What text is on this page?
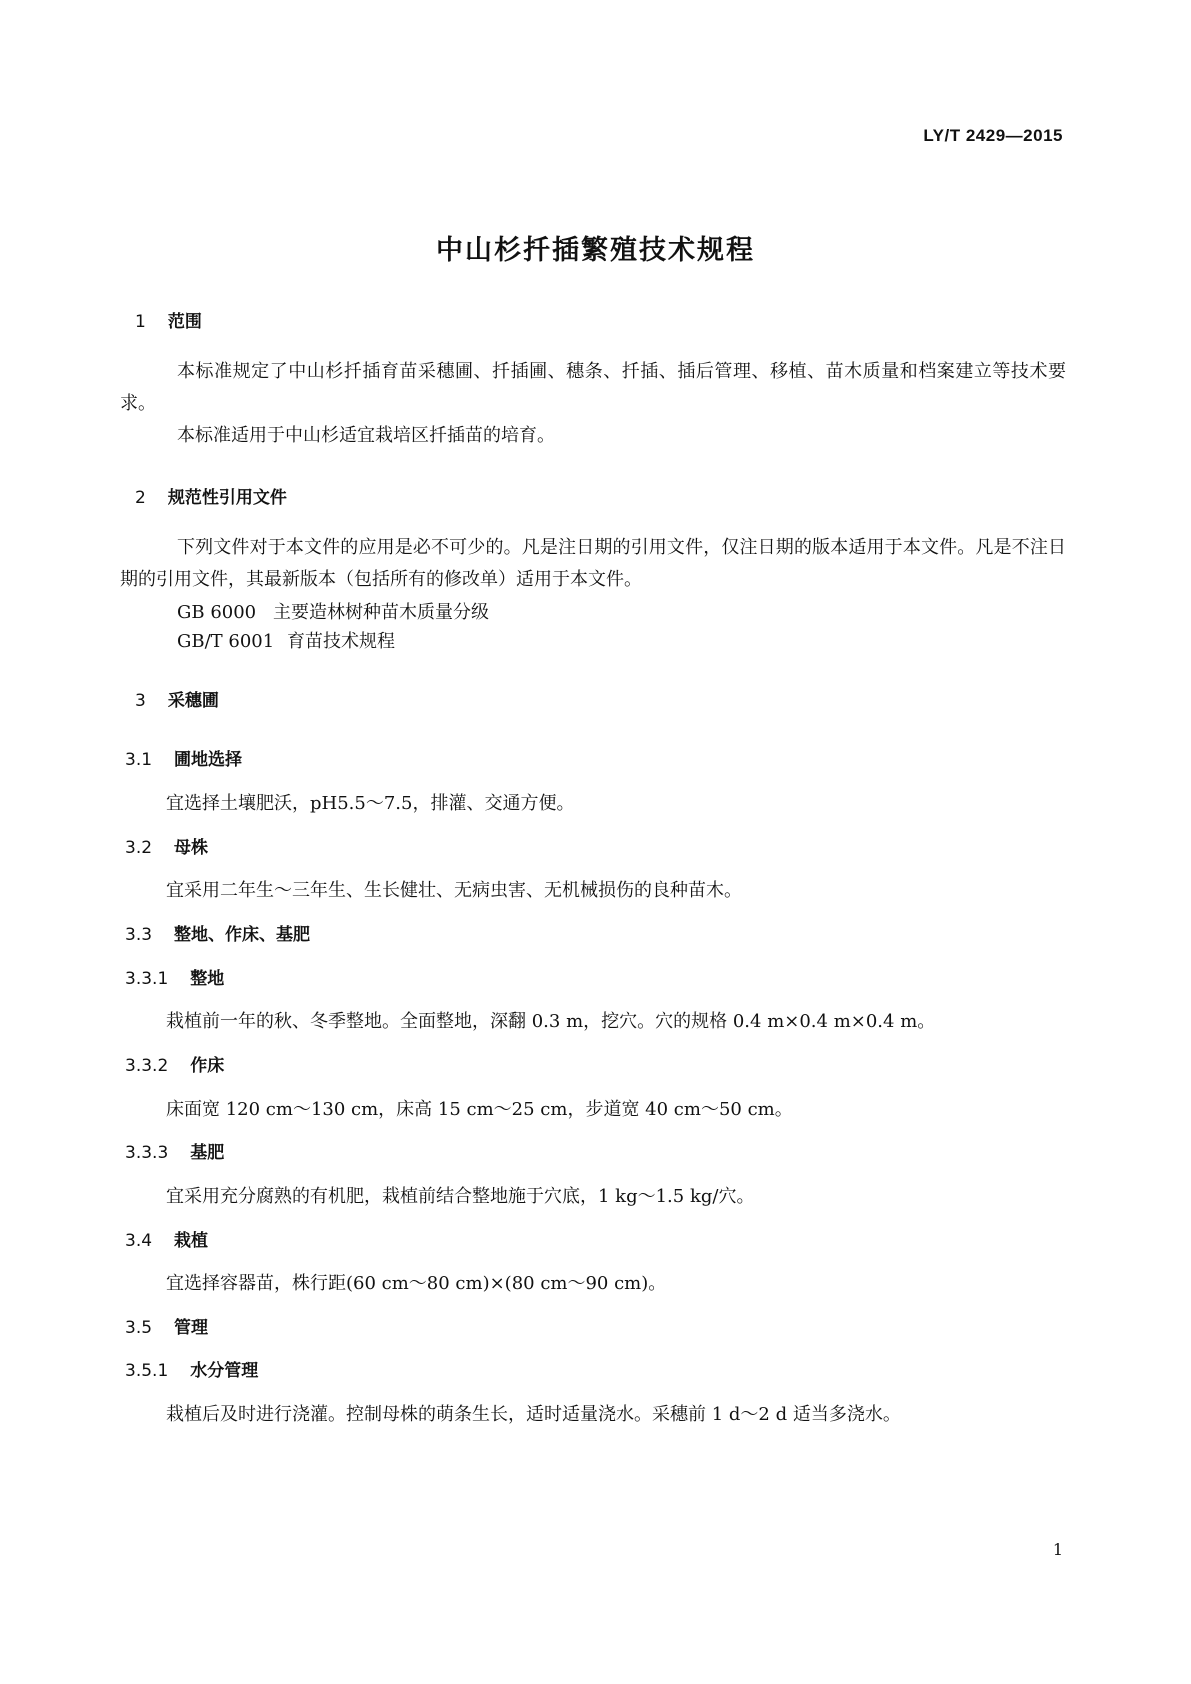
LY/T 2429—2015
中山杉扦插繁殖技术规程
1 范围
本标准规定了中山杉扦插育苗采穗圃、扦插圃、穗条、扦插、插后管理、移植、苗木质量和档案建立等技术要求。
本标准适用于中山杉适宜栽培区扦插苗的培育。
2 规范性引用文件
下列文件对于本文件的应用是必不可少的。凡是注日期的引用文件，仅注日期的版本适用于本文件。凡是不注日期的引用文件，其最新版本（包括所有的修改单）适用于本文件。
GB 6000 主要造林树种苗木质量分级
GB/T 6001 育苗技术规程
3 采穗圃
3.1 圃地选择
宜选择土壤肥沃，pH5.5～7.5，排灌、交通方便。
3.2 母株
宜采用二年生～三年生、生长健壮、无病虫害、无机械损伤的良种苗木。
3.3 整地、作床、基肥
3.3.1 整地
栽植前一年的秋、冬季整地。全面整地，深翻 0.3 m，挖穴。穴的规格 0.4 m×0.4 m×0.4 m。
3.3.2 作床
床面宽 120 cm～130 cm，床高 15 cm～25 cm，步道宽 40 cm～50 cm。
3.3.3 基肥
宜采用充分腐熟的有机肥，栽植前结合整地施于穴底，1 kg～1.5 kg/穴。
3.4 栽植
宜选择容器苗，株行距(60 cm～80 cm)×(80 cm～90 cm)。
3.5 管理
3.5.1 水分管理
栽植后及时进行浇灌。控制母株的萌条生长，适时适量浇水。采穗前 1 d～2 d 适当多浇水。
1
